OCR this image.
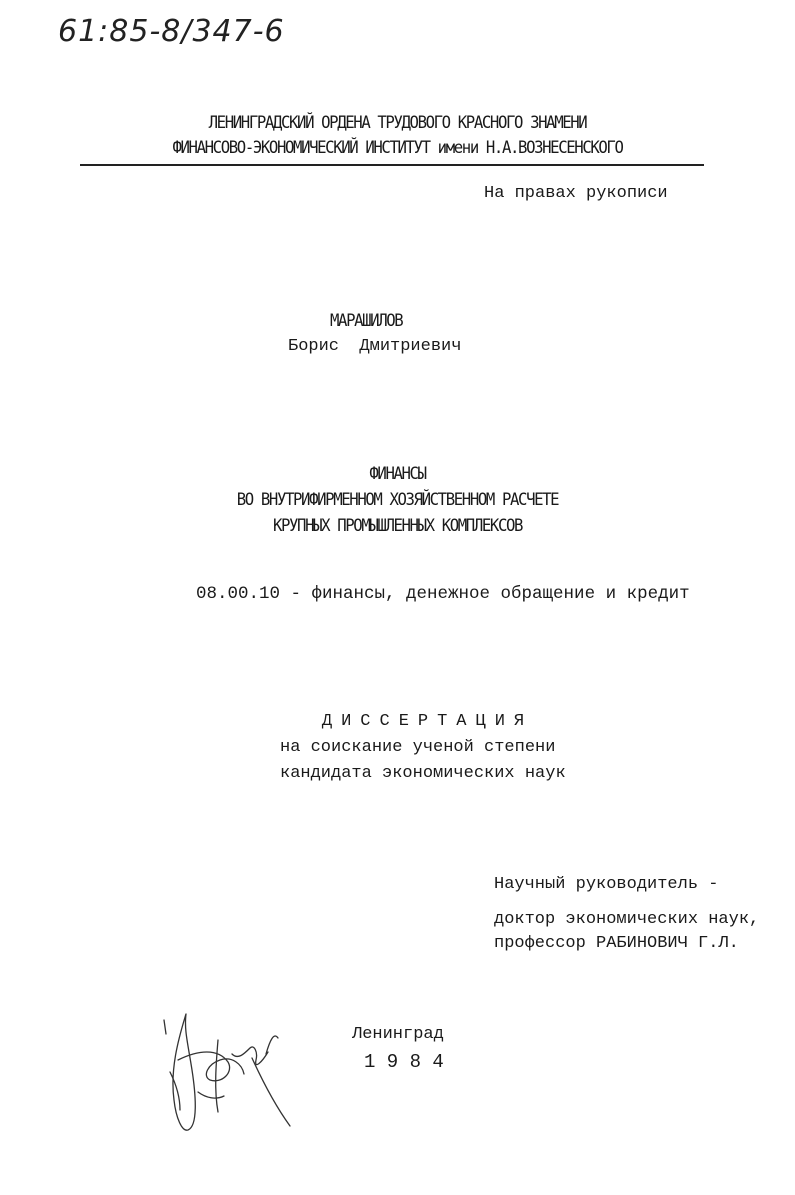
61:85-8/347-6
ЛЕНИНГРАДСКИЙ ОРДЕНА ТРУДОВОГО КРАСНОГО ЗНАМЕНИ
ФИНАНСОВО-ЭКОНОМИЧЕСКИЙ ИНСТИТУТ имени Н.А.ВОЗНЕСЕНСКОГО
На правах рукописи
МАРАШИЛОВ
Борис  Дмитриевич
ФИНАНСЫ
ВО ВНУТРИФИРМЕННОМ ХОЗЯЙСТВЕННОМ РАСЧЕТЕ
КРУПНЫХ ПРОМЫШЛЕННЫХ КОМПЛЕКСОВ
08.00.10 - финансы, денежное обращение и кредит
ДИССЕРТАЦИЯ
на соискание ученой степени
кандидата экономических наук
Научный руководитель -
доктор экономических наук,
профессор РАБИНОВИЧ Г.Л.
Ленинград
1 9 8 4
